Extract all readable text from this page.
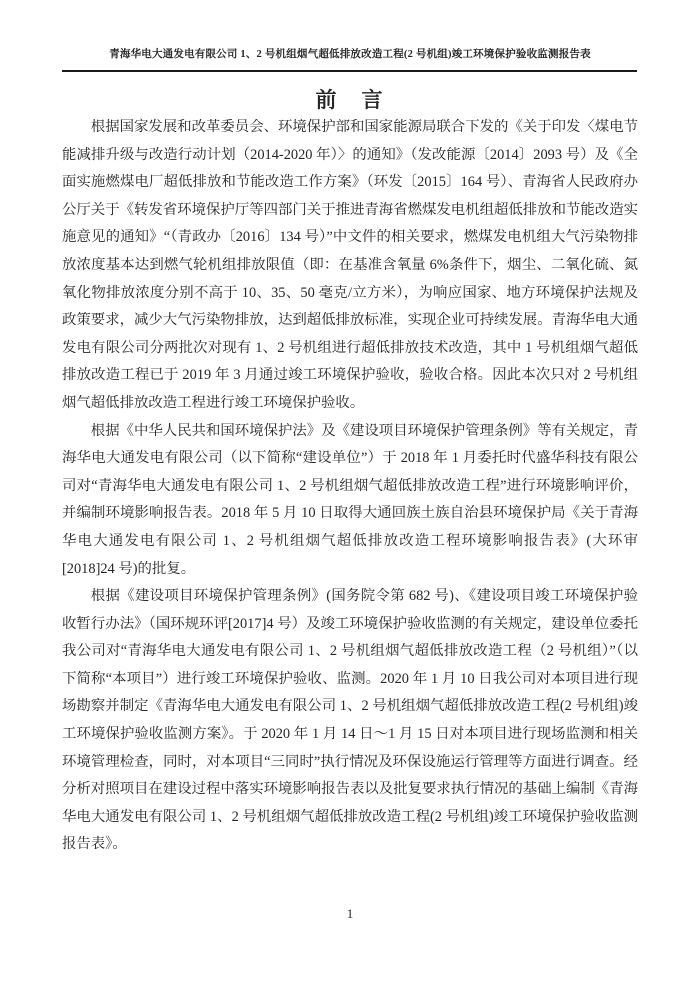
青海华电大通发电有限公司 1、2 号机组烟气超低排放改造工程(2 号机组)竣工环境保护验收监测报告表
前　言

根据国家发展和改革委员会、环境保护部和国家能源局联合下发的《关于印发〈煤电节能减排升级与改造行动计划（2014-2020 年）〉的通知》（发改能源〔2014〕2093 号）及《全面实施燃煤电厂超低排放和节能改造工作方案》（环发〔2015〕164 号）、青海省人民政府办公厅关于《转发省环境保护厅等四部门关于推进青海省燃煤发电机组超低排放和节能改造实施意见的通知》“（青政办〔2016〕134 号）”中文件的相关要求，燃煤发电机组大气污染物排放浓度基本达到燃气轮机组排放限值（即：在基准含氧量 6%条件下，烟尘、二氧化硫、氮氧化物排放浓度分别不高于 10、35、50 毫克/立方米），为响应国家、地方环境保护法规及政策要求，减少大气污染物排放，达到超低排放标准，实现企业可持续发展。青海华电大通发电有限公司分两批次对现有 1、2 号机组进行超低排放技术改造，其中 1 号机组烟气超低排放改造工程已于 2019 年 3 月通过竣工环境保护验收，验收合格。因此本次只对 2 号机组烟气超低排放改造工程进行竣工环境保护验收。

根据《中华人民共和国环境保护法》及《建设项目环境保护管理条例》等有关规定，青海华电大通发电有限公司（以下简称“建设单位”）于 2018 年 1 月委托时代盛华科技有限公司对“青海华电大通发电有限公司 1、2 号机组烟气超低排放改造工程”进行环境影响评价，并编制环境影响报告表。2018 年 5 月 10 日取得大通回族土族自治县环境保护局《关于青海华电大通发电有限公司 1、2 号机组烟气超低排放改造工程环境影响报告表》(大环审[2018]24 号)的批复。

根据《建设项目环境保护管理条例》(国务院令第 682 号)、《建设项目竣工环境保护验收暂行办法》（国环规环评[2017]4 号）及竣工环境保护验收监测的有关规定，建设单位委托我公司对“青海华电大通发电有限公司 1、2 号机组烟气超低排放改造工程（2 号机组）”（以下简称“本项目”）进行竣工环境保护验收、监测。2020 年 1 月 10 日我公司对本项目进行现场勘察并制定《青海华电大通发电有限公司 1、2 号机组烟气超低排放改造工程(2 号机组)竣工环境保护验收监测方案》。于 2020 年 1 月 14 日～1 月 15 日对本项目进行现场监测和相关环境管理检查，同时，对本项目“三同时”执行情况及环保设施运行管理等方面进行调查。经分析对照项目在建设过程中落实环境影响报告表以及批复要求执行情况的基础上编制《青海华电大通发电有限公司 1、2 号机组烟气超低排放改造工程(2 号机组)竣工环境保护验收监测报告表》。

1
